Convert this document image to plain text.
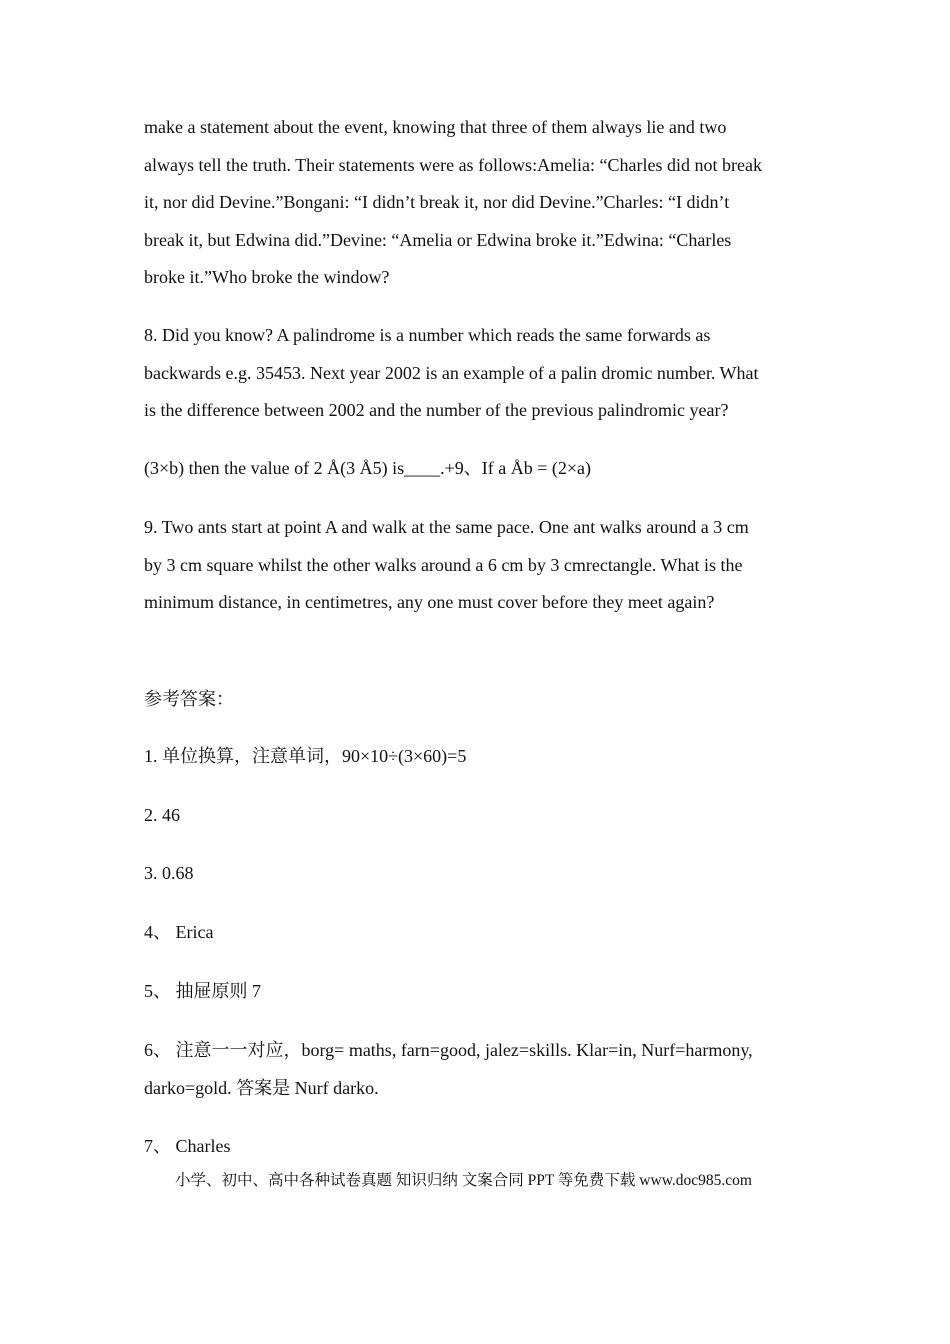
make a statement about the event, knowing that three of them always lie and two
always tell the truth. Their statements were as follows:Amelia: “Charles did not break
it, nor did Devine.”Bongani: “I didn’t break it, nor did Devine.”Charles: “I didn’t
break it, but Edwina did.”Devine: “Amelia or Edwina broke it.”Edwina: “Charles
broke it.”Who broke the window?
8. Did you know? A palindrome is a number which reads the same forwards as
backwards e.g. 35453. Next year 2002 is an example of a palin dromic number. What
is the difference between 2002 and the number of the previous palindromic year?
(3×b) then the value of 2 Å(3 Å5) is____.+9、If a Åb = (2×a)
9. Two ants start at point A and walk at the same pace. One ant walks around a 3 cm
by 3 cm square whilst the other walks around a 6 cm by 3 cmrectangle. What is the
minimum distance, in centimetres, any one must cover before they meet again?
参考答案：
1. 单位换算，注意单词，90×10÷(3×60)=5
2. 46
3. 0.68
4、 Erica
5、 抽屉原则 7
6、 注意一一对应，borg= maths, farn=good, jalez=skills. Klar=in, Nurf=harmony,
darko=gold. 答案是 Nurf darko.
7、 Charles
小学、初中、高中各种试卷真题 知识归纳 文案合同 PPT 等免费下载 www.doc985.com
